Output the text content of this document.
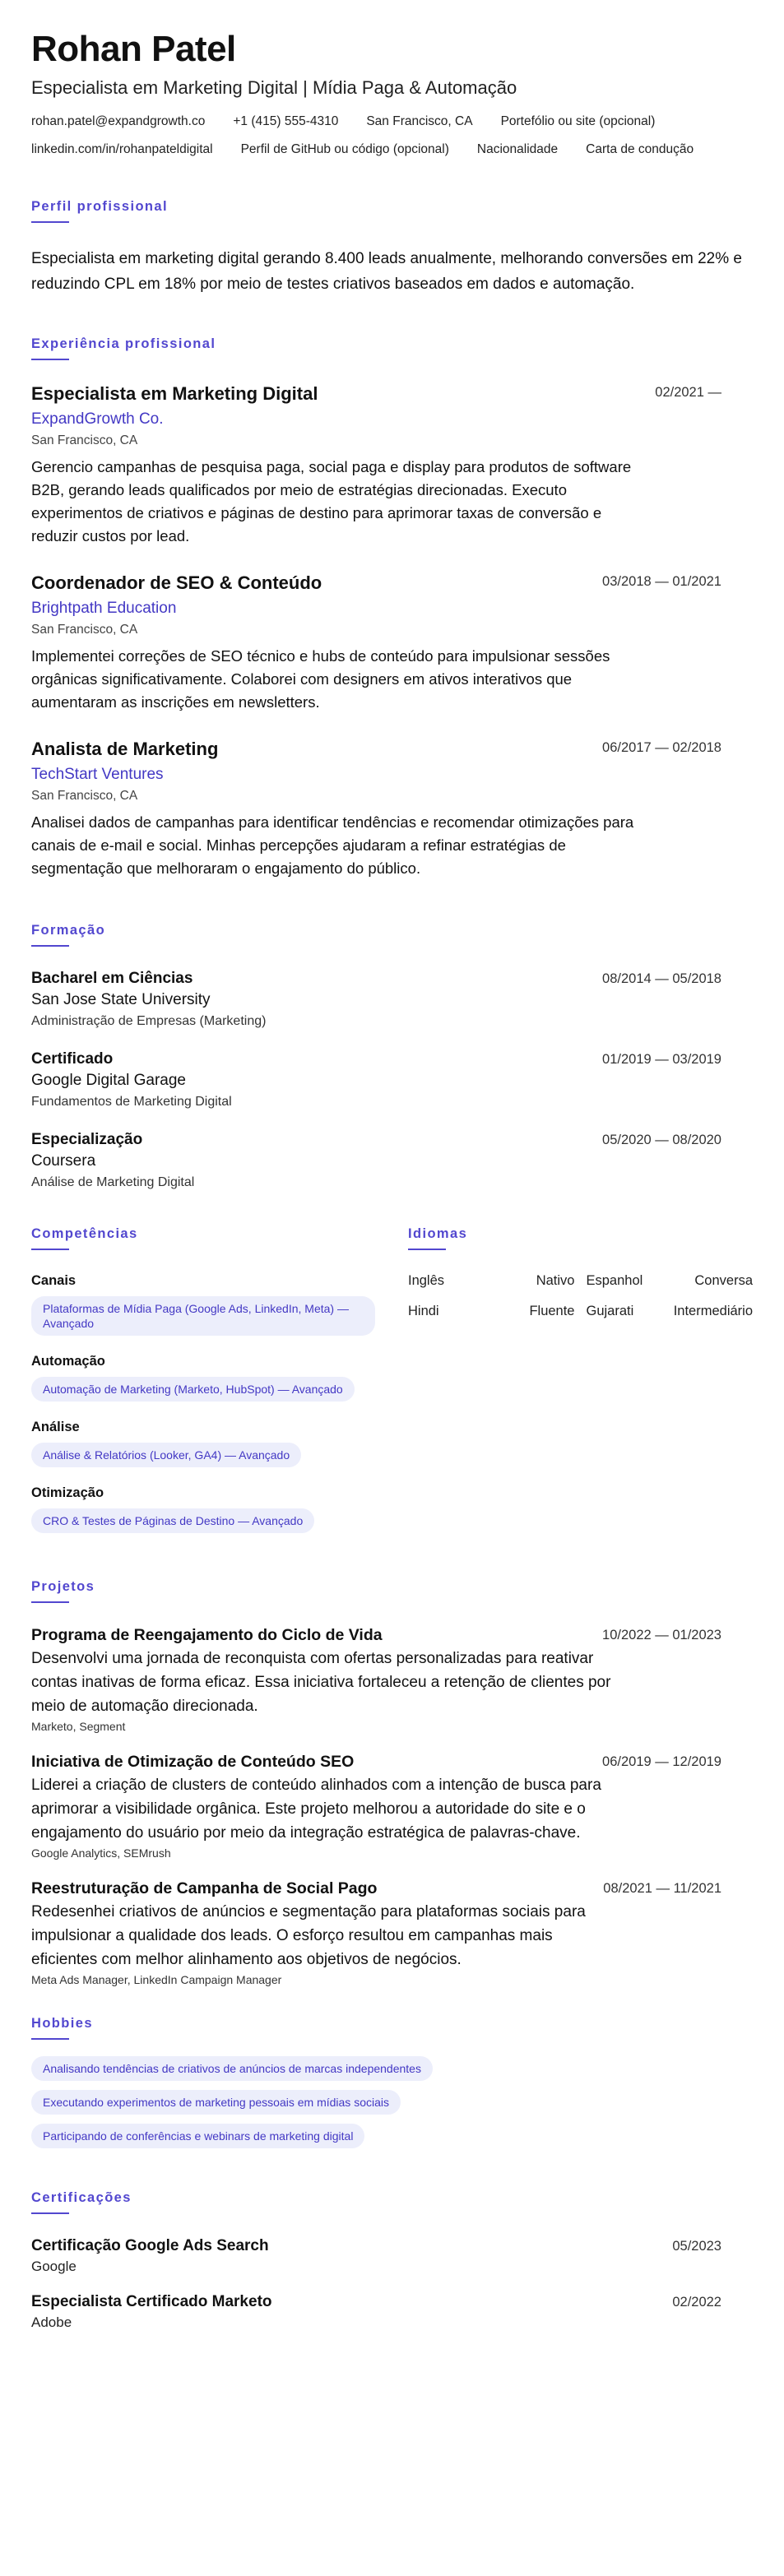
Rohan Patel
Especialista em Marketing Digital | Mídia Paga & Automação
rohan.patel@expandgrowth.co +1 (415) 555-4310 San Francisco, CA Portefólio ou site (opcional)
linkedin.com/in/rohanpateldigital Perfil de GitHub ou código (opcional) Nacionalidade Carta de condução
Perfil profissional
Especialista em marketing digital gerando 8.400 leads anualmente, melhorando conversões em 22% e reduzindo CPL em 18% por meio de testes criativos baseados em dados e automação.
Experiência profissional
02/2021 —
Especialista em Marketing Digital
ExpandGrowth Co.
San Francisco, CA
Gerencio campanhas de pesquisa paga, social paga e display para produtos de software B2B, gerando leads qualificados por meio de estratégias direcionadas. Executo experimentos de criativos e páginas de destino para aprimorar taxas de conversão e reduzir custos por lead.
03/2018 — 01/2021
Coordenador de SEO & Conteúdo
Brightpath Education
San Francisco, CA
Implementei correções de SEO técnico e hubs de conteúdo para impulsionar sessões orgânicas significativamente. Colaborei com designers em ativos interativos que aumentaram as inscrições em newsletters.
06/2017 — 02/2018
Analista de Marketing
TechStart Ventures
San Francisco, CA
Analisei dados de campanhas para identificar tendências e recomendar otimizações para canais de e-mail e social. Minhas percepções ajudaram a refinar estratégias de segmentação que melhoraram o engajamento do público.
Formação
08/2014 — 05/2018
Bacharel em Ciências
San Jose State University
Administração de Empresas (Marketing)
01/2019 — 03/2019
Certificado
Google Digital Garage
Fundamentos de Marketing Digital
05/2020 — 08/2020
Especialização
Coursera
Análise de Marketing Digital
Competências
Canais
Plataformas de Mídia Paga (Google Ads, LinkedIn, Meta) — Avançado
Automação
Automação de Marketing (Marketo, HubSpot) — Avançado
Análise
Análise & Relatórios (Looker, GA4) — Avançado
Otimização
CRO & Testes de Páginas de Destino — Avançado
Idiomas
Inglês	Nativo Espanhol	Conversa
Hindi	Fluente Gujarati	Intermediário
Projetos
10/2022 — 01/2023
Programa de Reengajamento do Ciclo de Vida
Desenvolvi uma jornada de reconquista com ofertas personalizadas para reativar contas inativas de forma eficaz. Essa iniciativa fortaleceu a retenção de clientes por meio de automação direcionada.
Marketo, Segment
06/2019 — 12/2019
Iniciativa de Otimização de Conteúdo SEO
Liderei a criação de clusters de conteúdo alinhados com a intenção de busca para aprimorar a visibilidade orgânica. Este projeto melhorou a autoridade do site e o engajamento do usuário por meio da integração estratégica de palavras-chave.
Google Analytics, SEMrush
08/2021 — 11/2021
Reestruturação de Campanha de Social Pago
Redesenhei criativos de anúncios e segmentação para plataformas sociais para impulsionar a qualidade dos leads. O esforço resultou em campanhas mais eficientes com melhor alinhamento aos objetivos de negócios.
Meta Ads Manager, LinkedIn Campaign Manager
Hobbies
Analisando tendências de criativos de anúncios de marcas independentes
Executando experimentos de marketing pessoais em mídias sociais
Participando de conferências e webinars de marketing digital
Certificações
05/2023
Certificação Google Ads Search
Google
02/2022
Especialista Certificado Marketo
Adobe
